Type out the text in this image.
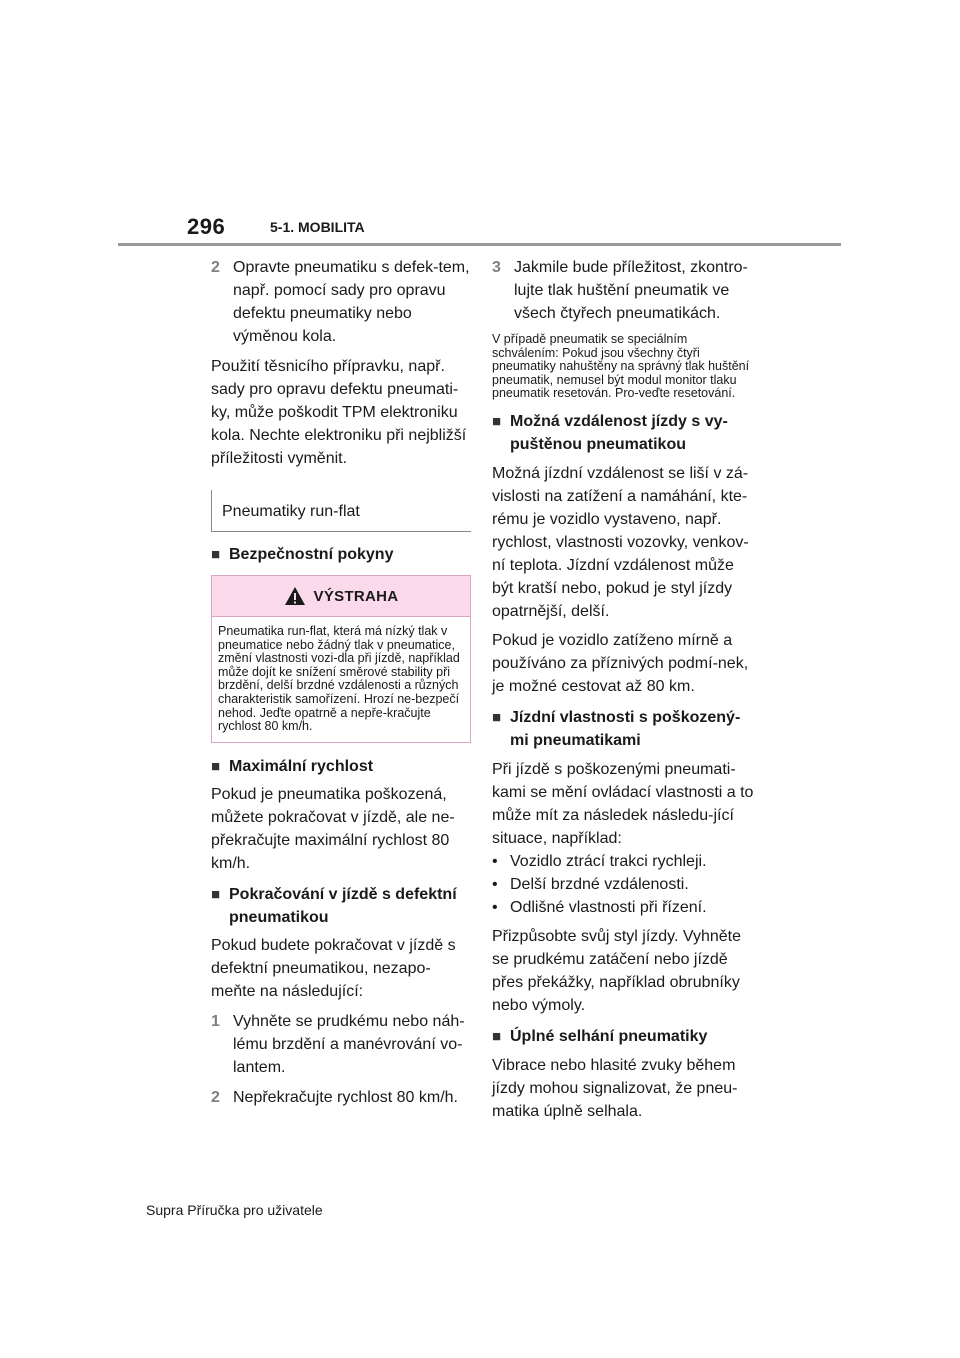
296	5-1. MOBILITA
2 Opravte pneumatiku s defek-tem, např. pomocí sady pro opravu defektu pneumatiky nebo výměnou kola.

Použití těsnicího přípravku, např. sady pro opravu defektu pneumati-ky, může poškodit TPM elektroniku kola. Nechte elektroniku při nejbližší příležitosti vyměnit.

Pneumatiky run-flat
■ Bezpečnostní pokyny
VÝSTRAHA
Pneumatika run-flat, která má nízký tlak v pneumatice nebo žádný tlak v pneumatice, změní vlastnosti vozi-dla při jízdě, například může dojít ke snížení směrové stability při brzdění, delší brzdné vzdálenosti a různých charakteristik samořízení. Hrozí ne-bezpečí nehod. Jeďte opatrně a nepře-kračujte rychlost 80 km/h.
■ Maximální rychlost

Pokud je pneumatika poškozená, můžete pokračovat v jízdě, ale ne-překračujte maximální rychlost 80 km/h.

■ Pokračování v jízdě s defektní pneumatikou

Pokud budete pokračovat v jízdě s defektní pneumatikou, nezapo-meňte na následující:

1 Vyhněte se prudkému nebo náh-lému brzdění a manévrování vo-lantem.
2 Nepřekračujte rychlost 80 km/h.
3 Jakmile bude příležitost, zkontro-lujte tlak huštění pneumatik ve všech čtyřech pneumatikách.

V případě pneumatik se speciálním schválením: Pokud jsou všechny čtyři pneumatiky nahuštěny na správný tlak huštění pneumatik, nemusel být modul monitor tlaku pneumatik resetován. Pro-veďte resetování.

■ Možná vzdálenost jízdy s vy-puštěnou pneumatikou

Možná jízdní vzdálenost se liší v zá-vislosti na zatížení a namáhání, kte-rému je vozidlo vystaveno, např. rychlost, vlastnosti vozovky, venkov-ní teplota. Jízdní vzdálenost může být kratší nebo, pokud je styl jízdy opatrnější, delší.

Pokud je vozidlo zatíženo mírně a používáno za příznivých podmí-nek, je možné cestovat až 80 km.

■ Jízdní vlastnosti s poškozený-mi pneumatikami

Při jízdě s poškozenými pneumati-kami se mění ovládací vlastnosti a to může mít za následek následu-jící situace, například:

• Vozidlo ztrácí trakci rychleji.
• Delší brzdné vzdálenosti.
• Odlišné vlastnosti při řízení.

Přizpůsobte svůj styl jízdy. Vyhněte se prudkému zatáčení nebo jízdě přes překážky, například obrubníky nebo výmoly.

■ Úplné selhání pneumatiky

Vibrace nebo hlasité zvuky během jízdy mohou signalizovat, že pneu-matika úplně selhala.

Supra Příručka pro uživatele
